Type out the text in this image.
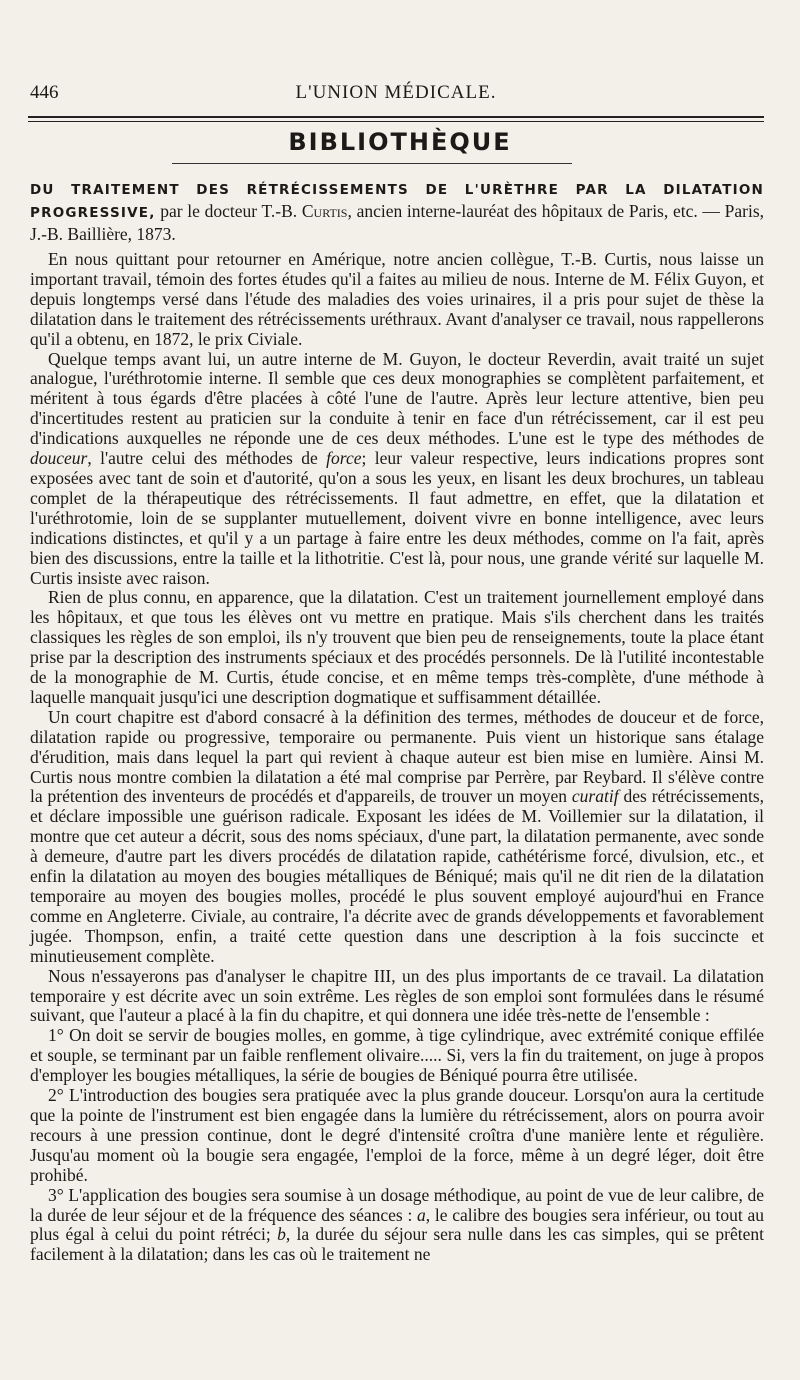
446	L'UNION MÉDICALE.
BIBLIOTHÈQUE
DU TRAITEMENT DES RÉTRÉCISSEMENTS DE L'URÈTHRE PAR LA DILATATION PROGRESSIVE, par le docteur T.-B. Curtis, ancien interne-lauréat des hôpitaux de Paris, etc. — Paris, J.-B. Baillière, 1873.

En nous quittant pour retourner en Amérique, notre ancien collègue, T.-B. Curtis, nous laisse un important travail, témoin des fortes études qu'il a faites au milieu de nous. Interne de M. Félix Guyon, et depuis longtemps versé dans l'étude des maladies des voies urinaires, il a pris pour sujet de thèse la dilatation dans le traitement des rétrécissements uréthraux. Avant d'analyser ce travail, nous rappellerons qu'il a obtenu, en 1872, le prix Civiale.

Quelque temps avant lui, un autre interne de M. Guyon, le docteur Reverdin, avait traité un sujet analogue, l'uréthrotomie interne. Il semble que ces deux monographies se complètent parfaitement, et méritent à tous égards d'être placées à côté l'une de l'autre. Après leur lecture attentive, bien peu d'incertitudes restent au praticien sur la conduite à tenir en face d'un rétrécissement, car il est peu d'indications auxquelles ne réponde une de ces deux méthodes. L'une est le type des méthodes de douceur, l'autre celui des méthodes de force; leur valeur respective, leurs indications propres sont exposées avec tant de soin et d'autorité, qu'on a sous les yeux, en lisant les deux brochures, un tableau complet de la thérapeutique des rétrécissements. Il faut admettre, en effet, que la dilatation et l'uréthrotomie, loin de se supplanter mutuellement, doivent vivre en bonne intelligence, avec leurs indications distinctes, et qu'il y a un partage à faire entre les deux méthodes, comme on l'a fait, après bien des discussions, entre la taille et la lithotritie. C'est là, pour nous, une grande vérité sur laquelle M. Curtis insiste avec raison.

Rien de plus connu, en apparence, que la dilatation. C'est un traitement journellement employé dans les hôpitaux, et que tous les élèves ont vu mettre en pratique. Mais s'ils cherchent dans les traités classiques les règles de son emploi, ils n'y trouvent que bien peu de renseignements, toute la place étant prise par la description des instruments spéciaux et des procédés personnels. De là l'utilité incontestable de la monographie de M. Curtis, étude concise, et en même temps très-complète, d'une méthode à laquelle manquait jusqu'ici une description dogmatique et suffisamment détaillée.

Un court chapitre est d'abord consacré à la définition des termes, méthodes de douceur et de force, dilatation rapide ou progressive, temporaire ou permanente. Puis vient un historique sans étalage d'érudition, mais dans lequel la part qui revient à chaque auteur est bien mise en lumière. Ainsi M. Curtis nous montre combien la dilatation a été mal comprise par Perrère, par Reybard. Il s'élève contre la prétention des inventeurs de procédés et d'appareils, de trouver un moyen curatif des rétrécissements, et déclare impossible une guérison radicale. Exposant les idées de M. Voillemier sur la dilatation, il montre que cet auteur a décrit, sous des noms spéciaux, d'une part, la dilatation permanente, avec sonde à demeure, d'autre part les divers procédés de dilatation rapide, cathétérisme forcé, divulsion, etc., et enfin la dilatation au moyen des bougies métalliques de Béniqué; mais qu'il ne dit rien de la dilatation temporaire au moyen des bougies molles, procédé le plus souvent employé aujourd'hui en France comme en Angleterre. Civiale, au contraire, l'a décrite avec de grands développements et favorablement jugée. Thompson, enfin, a traité cette question dans une description à la fois succincte et minutieusement complète.

Nous n'essayerons pas d'analyser le chapitre III, un des plus importants de ce travail. La dilatation temporaire y est décrite avec un soin extrême. Les règles de son emploi sont formulées dans le résumé suivant, que l'auteur a placé à la fin du chapitre, et qui donnera une idée très-nette de l'ensemble :

1° On doit se servir de bougies molles, en gomme, à tige cylindrique, avec extrémité conique effilée et souple, se terminant par un faible renflement olivaire..... Si, vers la fin du traitement, on juge à propos d'employer les bougies métalliques, la série de bougies de Béniqué pourra être utilisée.

2° L'introduction des bougies sera pratiquée avec la plus grande douceur. Lorsqu'on aura la certitude que la pointe de l'instrument est bien engagée dans la lumière du rétrécissement, alors on pourra avoir recours à une pression continue, dont le degré d'intensité croîtra d'une manière lente et régulière. Jusqu'au moment où la bougie sera engagée, l'emploi de la force, même à un degré léger, doit être prohibé.

3° L'application des bougies sera soumise à un dosage méthodique, au point de vue de leur calibre, de la durée de leur séjour et de la fréquence des séances : a, le calibre des bougies sera inférieur, ou tout au plus égal à celui du point rétréci; b, la durée du séjour sera nulle dans les cas simples, qui se prêtent facilement à la dilatation; dans les cas où le traitement ne
